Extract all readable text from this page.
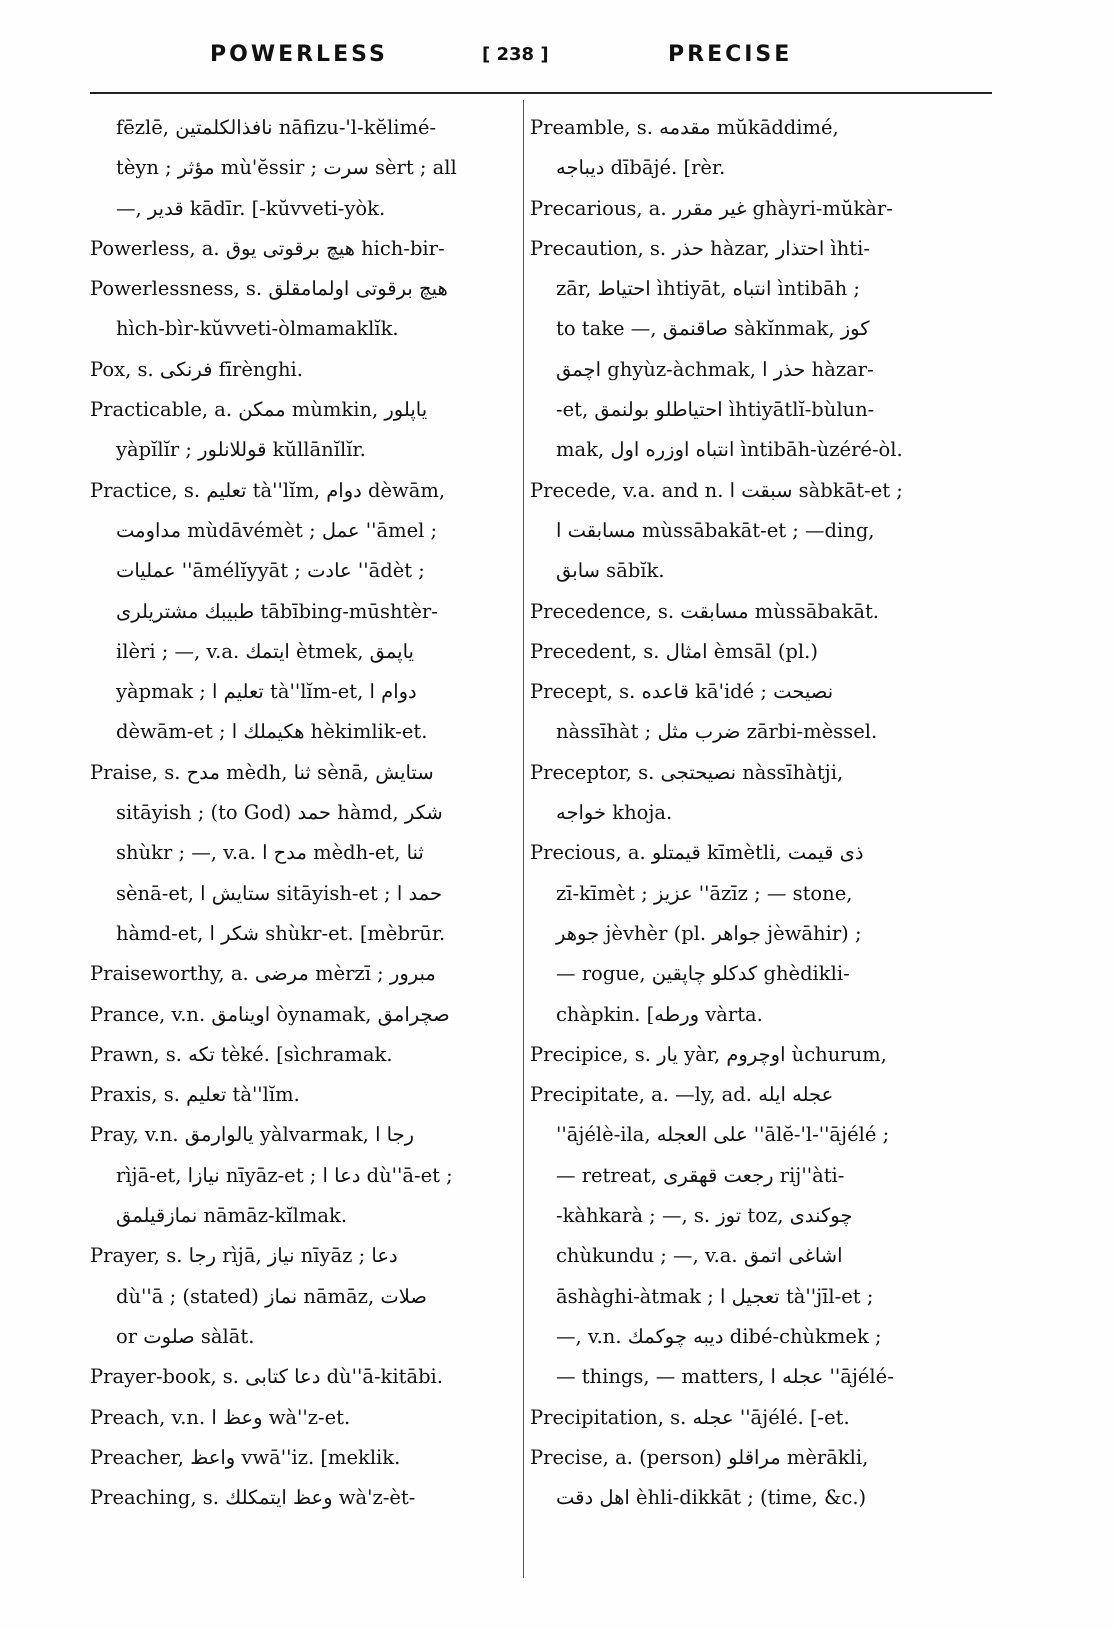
POWERLESS	[ 238 ]	PRECISE
fēzlē, نافذالكلمتين nāfizu-'l-kĕlimé-
tèyn ; مؤثر mù'ĕssir ; سرت sèrt ; all
—, قدير kādīr. [-kŭvveti-yòk.
Powerless, a. هيچ برقوتى يوق hich-bir-
Powerlessness, s. هيچ برقوتى اولمامقلق
hìch-bìr-kŭvveti-òlmamaklĭk.
Pox, s. فرنكى fīrènghi.
Practicable, a. ممكن mùmkin, ياپلور
yàpĭlĭr ; قوللانلور kŭllānĭlĭr.
Practice, s. تعليم tà''lĭm, دوام dèwām,
مداومت mùdāvémèt ; عمل ''āmel ;
عمليات ''āmélĭyyāt ; عادت ''ādèt ;
طبيبك مشتريلرى tābībing-mūshtèr-
ilèri ; —, v.a. ايتمك ètmek, ياپمق
yàpmak ; تعليم ا tà''lĭm-et, دوام ا
dèwām-et ; هكيملك ا hèkimlik-et.
Praise, s. مدح mèdh, ثنا sènā, ستايش
sitāyish ; (to God) حمد hàmd, شكر
shùkr ; —, v.a. مدح ا mèdh-et, ثنا
sènā-et, ستايش ا sitāyish-et ; حمد ا
hàmd-et, شكر ا shùkr-et. [mèbrūr.
Praiseworthy, a. مرضى mèrzī ; مبرور
Prance, v.n. اوينامق òynamak, صچرامق
Prawn, s. تكه tèké. [sìchramak.
Praxis, s. تعليم tà''lĭm.
Pray, v.n. يالوارمق yàlvarmak, رجا ا
rìjā-et, نيازا nīyāz-et ; دعا ا dù''ā-et ;
نمازقيلمق nāmāz-kĭlmak.
Prayer, s. رجا rìjā, نياز nīyāz ; دعا
dù''ā ; (stated) نماز nāmāz, صلات
or صلوت sàlāt.
Prayer-book, s. دعا كتابى dù''ā-kitābi.
Preach, v.n. وعظ ا wà''z-et.
Preacher, واعظ vwā''iz. [meklik.
Preaching, s. وعظ ايتمكلك wà'z-èt-
Preamble, s. مقدمه mŭkāddimé,
ديباجه dībājé. [rèr.
Precarious, a. غير مقرر ghàyri-mŭkàr-
Precaution, s. حذر hàzar, احتذار ìhti-
zār, احتياط ìhtiyāt, انتباه ìntibāh ;
to take —, صاقنمق sàkĭnmak, كوز
اچمق ghyùz-àchmak, حذر ا hàzar-
-et, احتياطلو بولنمق ìhtiyātlĭ-bùlun-
mak, انتباه اوزره اول ìntibāh-ùzéré-òl.
Precede, v.a. and n. سبقت ا sàbkāt-et ;
مسابقت ا mùssābakāt-et ; —ding,
سابق sābĭk.
Precedence, s. مسابقت mùssābakāt.
Precedent, s. امثال èmsāl (pl.)
Precept, s. قاعده kā'idé ; نصيحت
nàssīhàt ; ضرب مثل zārbi-mèssel.
Preceptor, s. نصيحتجى nàssīhàtji,
خواجه khoja.
Precious, a. قيمتلو kīmètli, ذى قيمت
zī-kīmèt ; عزيز ''āzīz ; — stone,
جوهر jèvhèr (pl. جواهر jèwāhir) ;
— rogue, كدكلو چاپقين ghèdikli-
chàpkin. [ورطه vàrta.
Precipice, s. يار yàr, اوچروم ùchurum,
Precipitate, a. —ly, ad. عجله ايله
''ājélè-ila, على العجله ''ālĕ-'l-''ājélé ;
— retreat, رجعت قهقرى rij''àti-
-kàhkarà ; —, s. توز toz, چوكندى
chùkundu ; —, v.a. اشاغى اتمق
āshàghi-àtmak ; تعجيل ا tà''jīl-et ;
—, v.n. ديبه چوكمك dibé-chùkmek ;
— things, — matters, عجله ا ''ājélé-
Precipitation, s. عجله ''ājélé. [-et.
Precise, a. (person) مراقلو mèrākli,
اهل دقت èhli-dikkāt ; (time, &c.)
